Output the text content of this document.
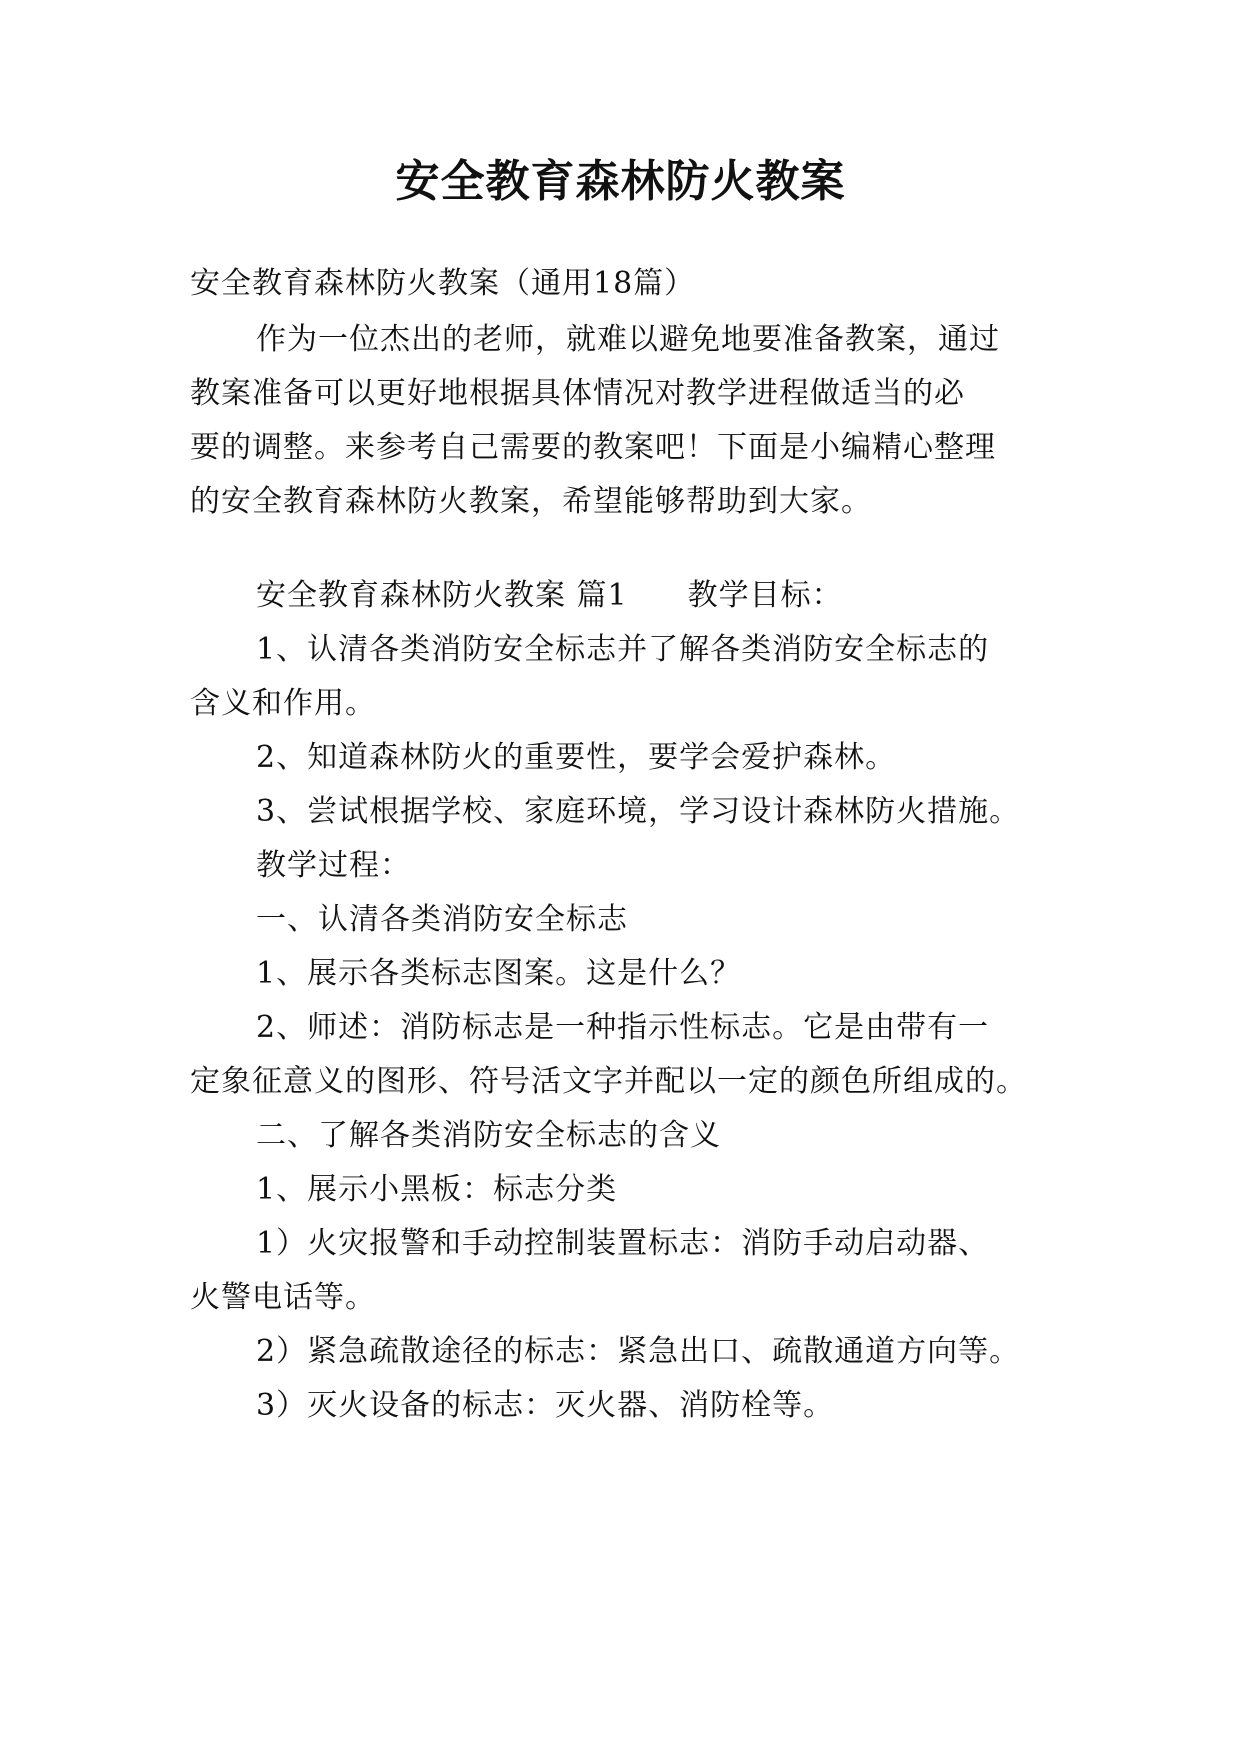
安全教育森林防火教案

安全教育森林防火教案（通用18篇）

作为一位杰出的老师，就难以避免地要准备教案，通过

教案准备可以更好地根据具体情况对教学进程做适当的必

要的调整。来参考自己需要的教案吧！下面是小编精心整理

的安全教育森林防火教案，希望能够帮助到大家。

安全教育森林防火教案 篇1 教学目标：

1、认清各类消防安全标志并了解各类消防安全标志的

含义和作用。

2、知道森林防火的重要性，要学会爱护森林。

3、尝试根据学校、家庭环境，学习设计森林防火措施。

教学过程：

一、认清各类消防安全标志

1、展示各类标志图案。这是什么？

2、师述：消防标志是一种指示性标志。它是由带有一

定象征意义的图形、符号活文字并配以一定的颜色所组成的。

二、了解各类消防安全标志的含义

1、展示小黑板：标志分类

1）火灾报警和手动控制装置标志：消防手动启动器、

火警电话等。

2）紧急疏散途径的标志：紧急出口、疏散通道方向等。

3）灭火设备的标志：灭火器、消防栓等。
